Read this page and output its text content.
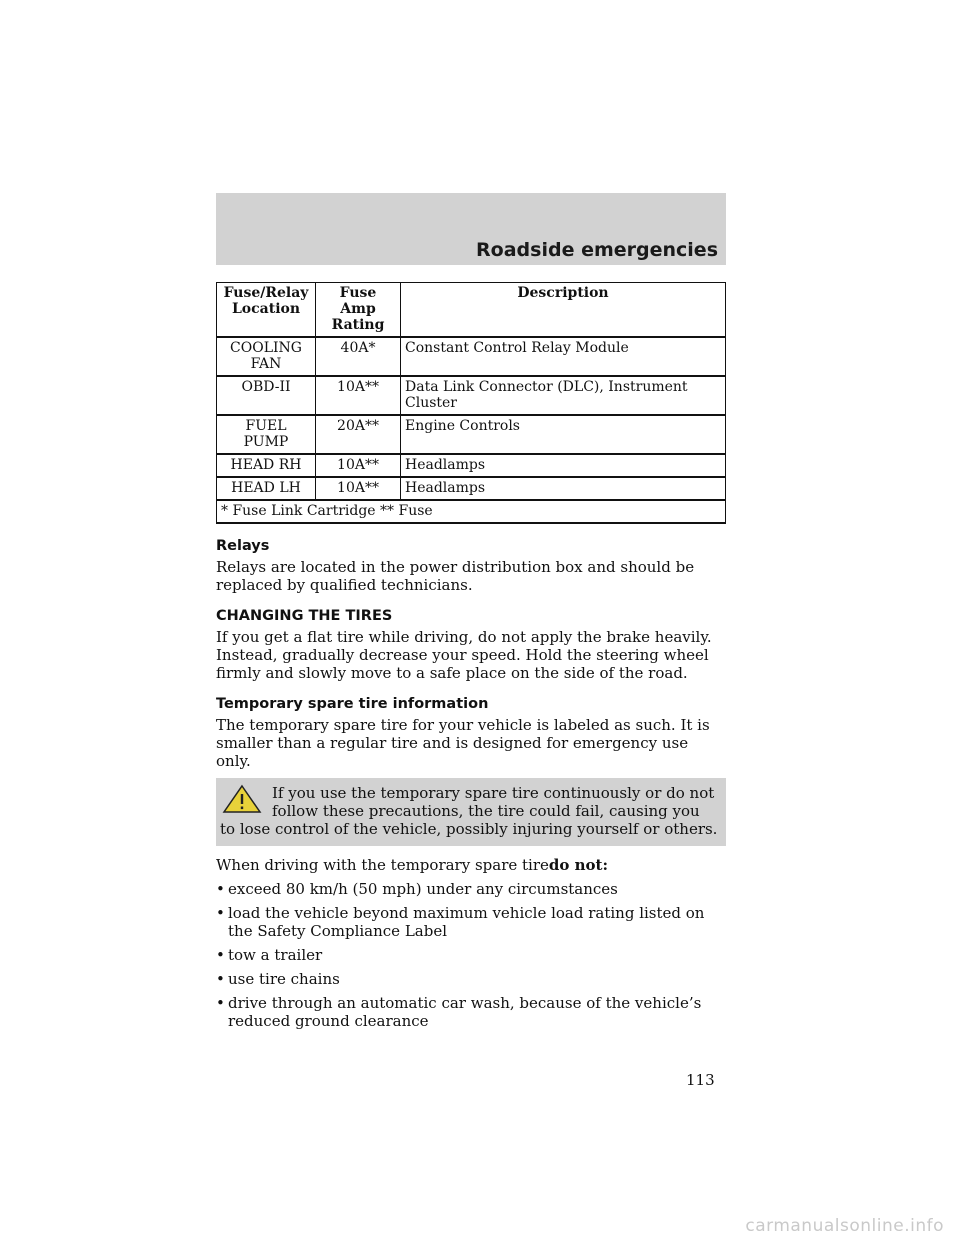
Roadside emergencies
Fuse/Relay Location	Fuse Amp Rating	Description
COOLING FAN	40A*	Constant Control Relay Module
OBD-II	10A**	Data Link Connector (DLC), Instrument Cluster
FUEL PUMP	20A**	Engine Controls
HEAD RH	10A**	Headlamps
HEAD LH	10A**	Headlamps
* Fuse Link Cartridge ** Fuse		
Relays

Relays are located in the power distribution box and should be replaced by qualified technicians.

CHANGING THE TIRES

If you get a flat tire while driving, do not apply the brake heavily. Instead, gradually decrease your speed. Hold the steering wheel firmly and slowly move to a safe place on the side of the road.

Temporary spare tire information

The temporary spare tire for your vehicle is labeled as such. It is smaller than a regular tire and is designed for emergency use only.

If you use the temporary spare tire continuously or do not follow these precautions, the tire could fail, causing you to lose control of the vehicle, possibly injuring yourself or others.

When driving with the temporary spare tiredo not:

• exceed 80 km/h (50 mph) under any circumstances
• load the vehicle beyond maximum vehicle load rating listed on the Safety Compliance Label
• tow a trailer
• use tire chains
• drive through an automatic car wash, because of the vehicle’s reduced ground clearance
113
carmanualsonline.info
